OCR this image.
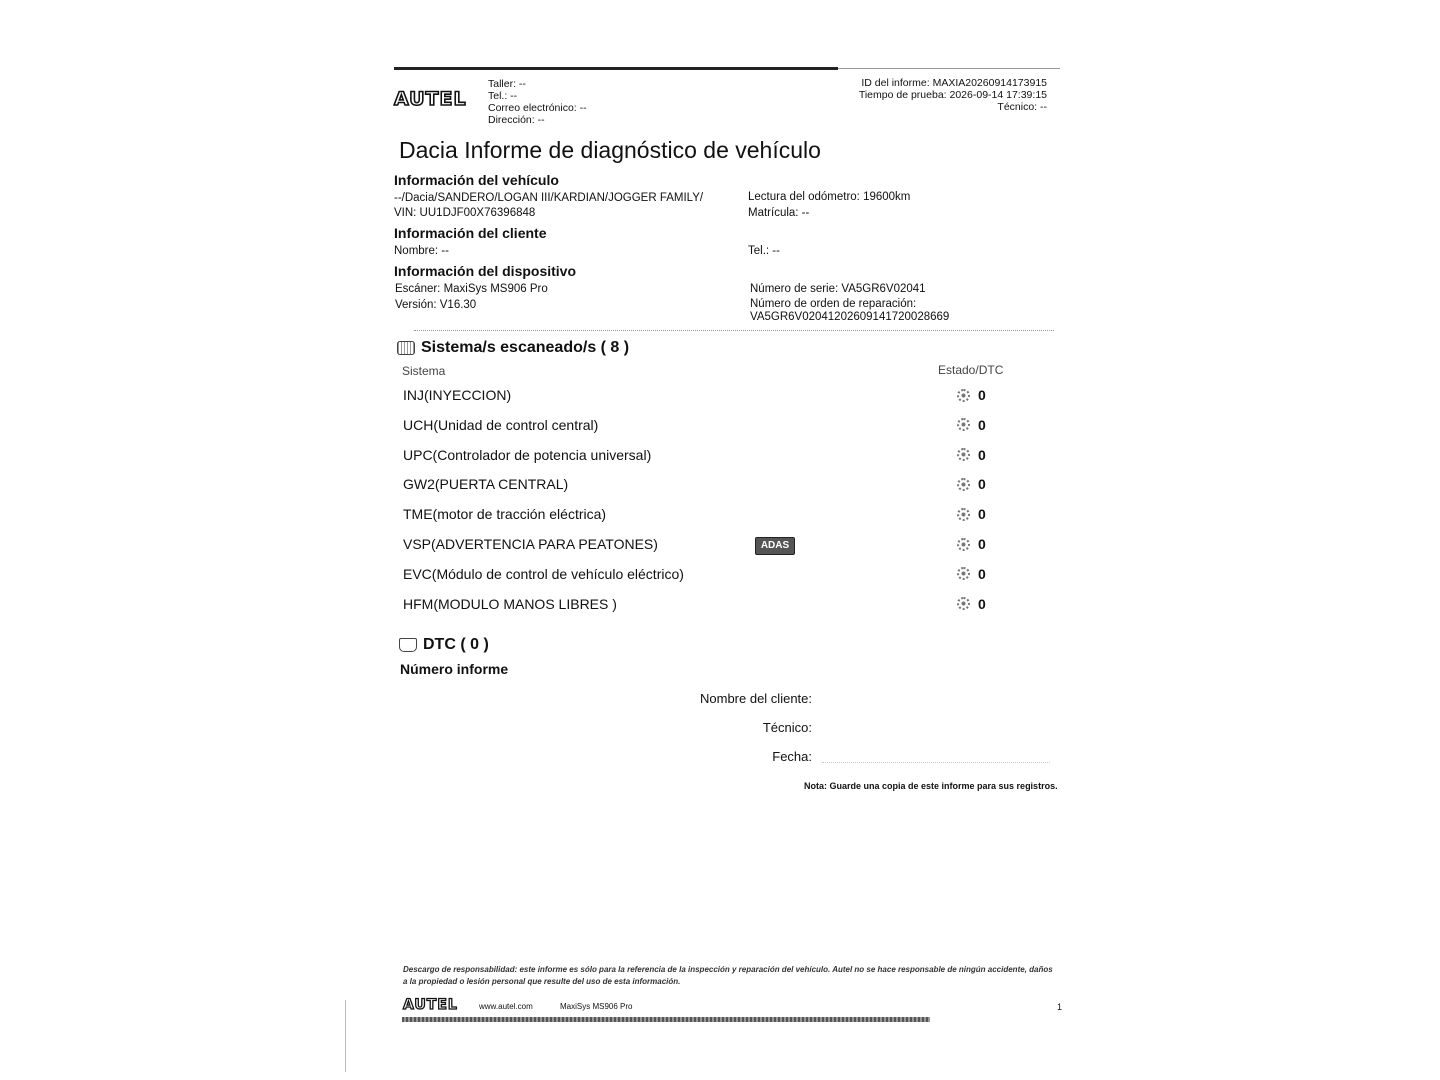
AUTEL
Taller: --
Tel.: --
Correo electrónico: --
Dirección: --
ID del informe: MAXIA20260914173915
Tiempo de prueba: 2026-09-14 17:39:15
Técnico: --
Dacia Informe de diagnóstico de vehículo
Información del vehículo
--/Dacia/SANDERO/LOGAN III/KARDIAN/JOGGER FAMILY/
VIN: UU1DJF00X76396848
Lectura del odómetro: 19600km
Matrícula: --
Información del cliente
Nombre: --	Tel.: --
Información del dispositivo
Escáner: MaxiSys MS906 Pro
Versión: V16.30
Número de serie: VA5GR6V02041
Número de orden de reparación:
VA5GR6V02041202609141720028669
Sistema/s escaneado/s ( 8 )
Sistema	Estado/DTC
INJ(INYECCION)	0
UCH(Unidad de control central)	0
UPC(Controlador de potencia universal)	0
GW2(PUERTA CENTRAL)	0
TME(motor de tracción eléctrica)	0
VSP(ADVERTENCIA PARA PEATONES)	0
EVC(Módulo de control de vehículo eléctrico)	0
HFM(MODULO MANOS LIBRES )	0
ADAS
DTC ( 0 )
Número informe
Nombre del cliente:
Técnico:
Fecha:
Nota: Guarde una copia de este informe para sus registros.
Descargo de responsabilidad: este informe es sólo para la referencia de la inspección y reparación del vehículo. Autel no se hace responsable de ningún accidente, daños
a la propiedad o lesión personal que resulte del uso de esta información.
AUTEL	www.autel.com	MaxiSys MS906 Pro	1
